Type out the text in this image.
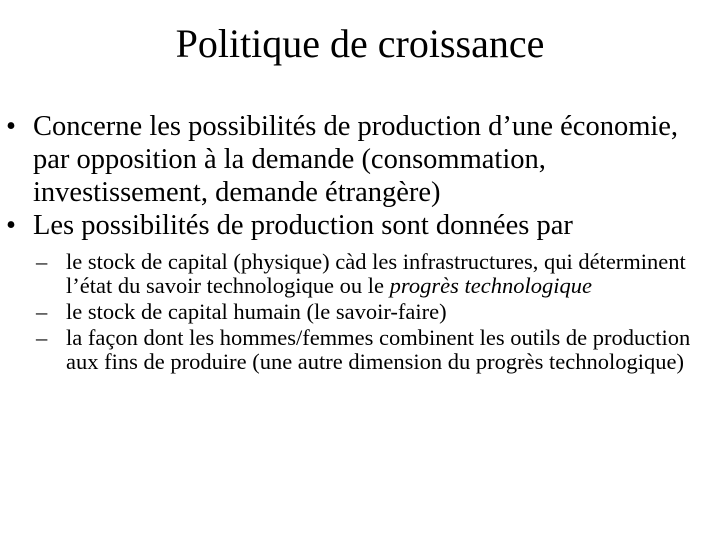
Politique de croissance
• Concerne les possibilités de production d’une économie, par opposition à la demande (consommation, investissement, demande étrangère)
• Les possibilités de production sont données par
– le stock de capital (physique) càd les infrastructures, qui déterminent l’état du savoir technologique ou le progrès technologique
– le stock de capital humain (le savoir-faire)
– la façon dont les hommes/femmes combinent les outils de production aux fins de produire (une autre dimension du progrès technologique)
